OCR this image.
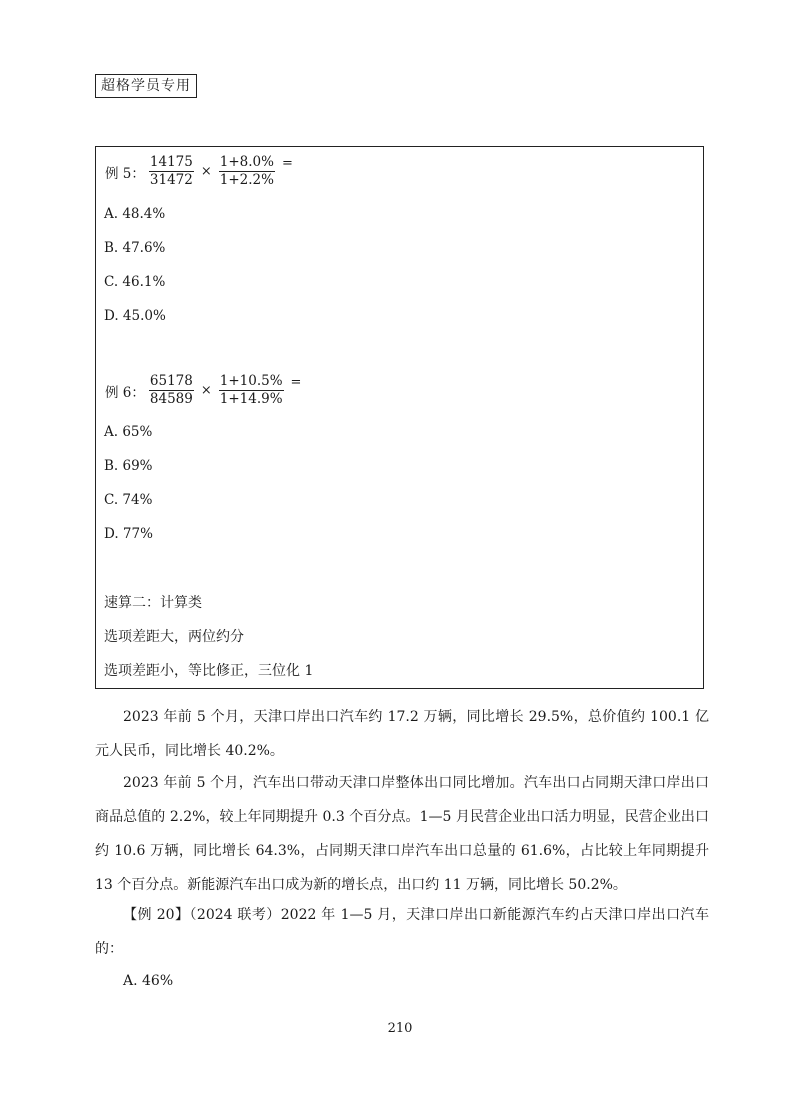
超格学员专用
例 5： $\frac{14175}{31472} \times \frac{1+8.0\%}{1+2.2\%}$ =
A. 48.4%
B. 47.6%
C. 46.1%
D. 45.0%
例 6： $\frac{65178}{84589} \times \frac{1+10.5\%}{1+14.9\%}$ =
A. 65%
B. 69%
C. 74%
D. 77%
速算二：计算类
选项差距大，两位约分
选项差距小，等比修正，三位化 1
2023 年前 5 个月，天津口岸出口汽车约 17.2 万辆，同比增长 29.5%，总价值约 100.1 亿元人民币，同比增长 40.2%。
2023 年前 5 个月，汽车出口带动天津口岸整体出口同比增加。汽车出口占同期天津口岸出口商品总值的 2.2%，较上年同期提升 0.3 个百分点。1—5 月民营企业出口活力明显，民营企业出口约 10.6 万辆，同比增长 64.3%，占同期天津口岸汽车出口总量的 61.6%，占比较上年同期提升 13 个百分点。新能源汽车出口成为新的增长点，出口约 11 万辆，同比增长 50.2%。
【例 20】（2024 联考）2022 年 1—5 月，天津口岸出口新能源汽车约占天津口岸出口汽车的：
A. 46%
210
